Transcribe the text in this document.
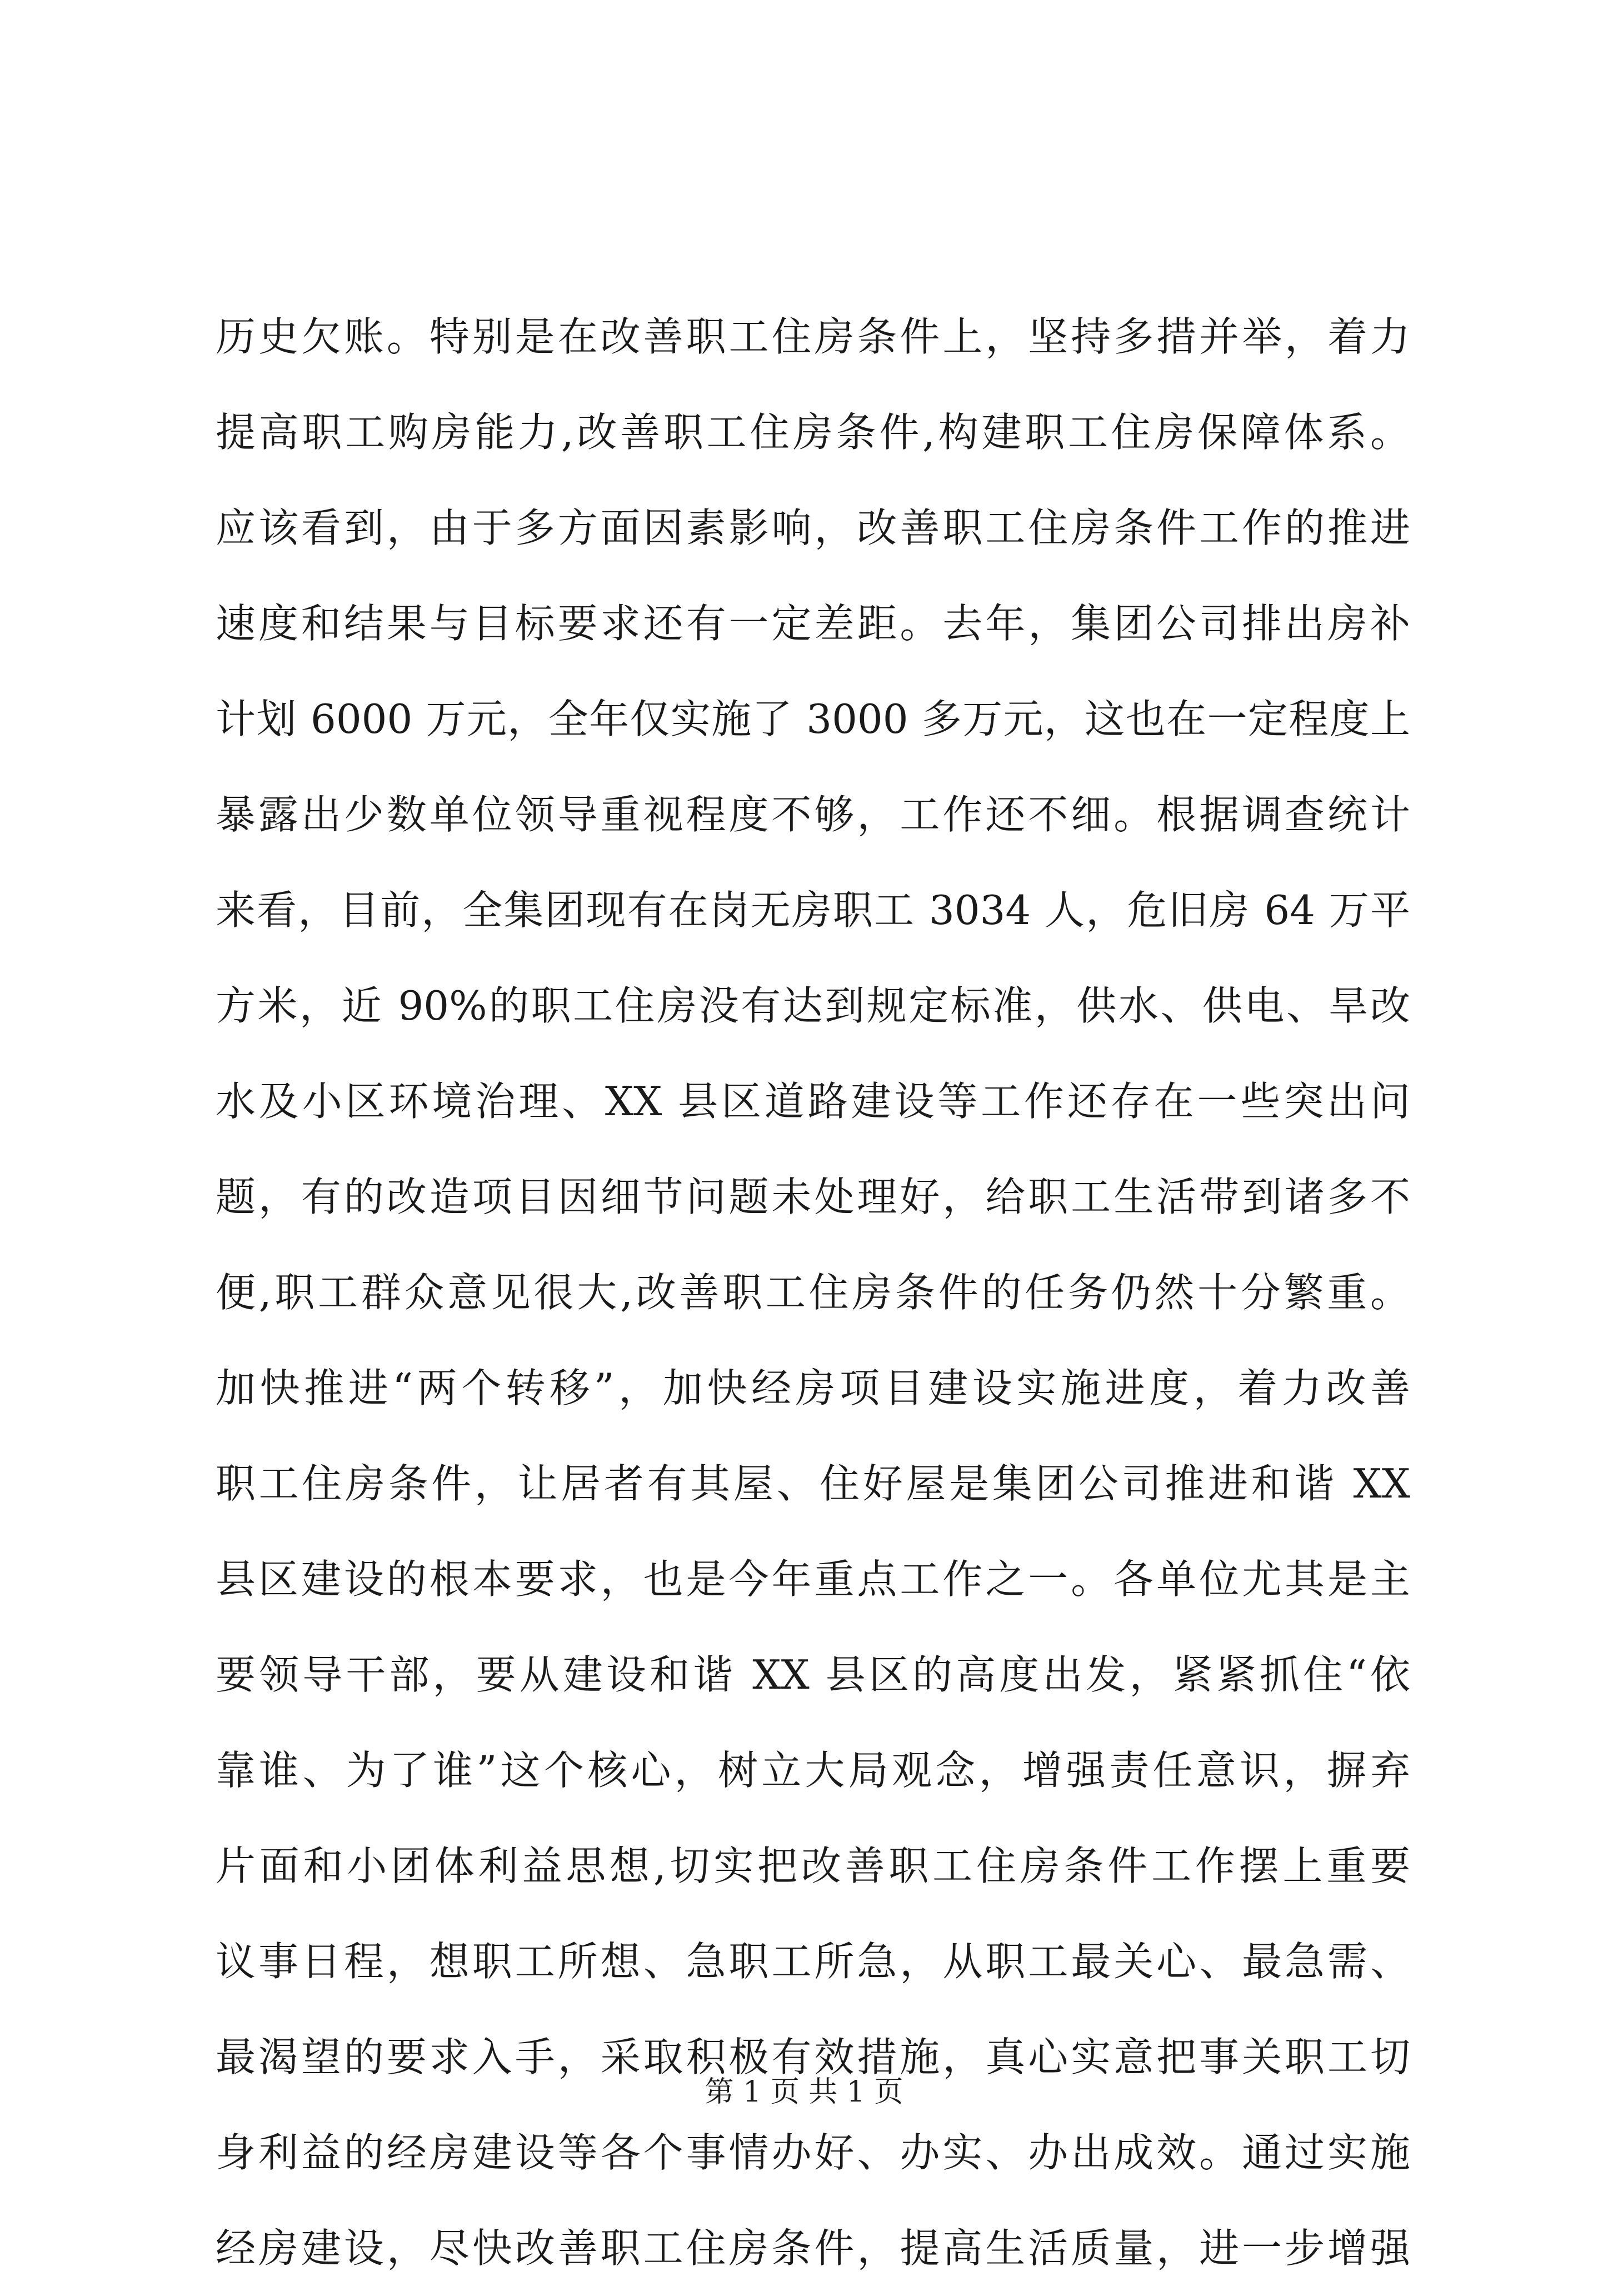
历史欠账。特别是在改善职工住房条件上，坚持多措并举，着力
提高职工购房能力,改善职工住房条件,构建职工住房保障体系。
应该看到，由于多方面因素影响，改善职工住房条件工作的推进
速度和结果与目标要求还有一定差距。去年，集团公司排出房补
计划 6000 万元，全年仅实施了 3000 多万元，这也在一定程度上
暴露出少数单位领导重视程度不够，工作还不细。根据调查统计
来看，目前，全集团现有在岗无房职工 3034 人，危旧房 64 万平
方米，近 90%的职工住房没有达到规定标准，供水、供电、旱改
水及小区环境治理、XX 县区道路建设等工作还存在一些突出问
题，有的改造项目因细节问题未处理好，给职工生活带到诸多不
便,职工群众意见很大,改善职工住房条件的任务仍然十分繁重。
加快推进“两个转移”，加快经房项目建设实施进度，着力改善
职工住房条件，让居者有其屋、住好屋是集团公司推进和谐 XX
县区建设的根本要求，也是今年重点工作之一。各单位尤其是主
要领导干部，要从建设和谐 XX 县区的高度出发，紧紧抓住“依
靠谁、为了谁”这个核心，树立大局观念，增强责任意识，摒弃
片面和小团体利益思想,切实把改善职工住房条件工作摆上重要
议事日程，想职工所想、急职工所急，从职工最关心、最急需、
最渴望的要求入手，采取积极有效措施，真心实意把事关职工切
身利益的经房建设等各个事情办好、办实、办出成效。通过实施
经房建设，尽快改善职工住房条件，提高生活质量，进一步增强
第 1 页 共 1 页
